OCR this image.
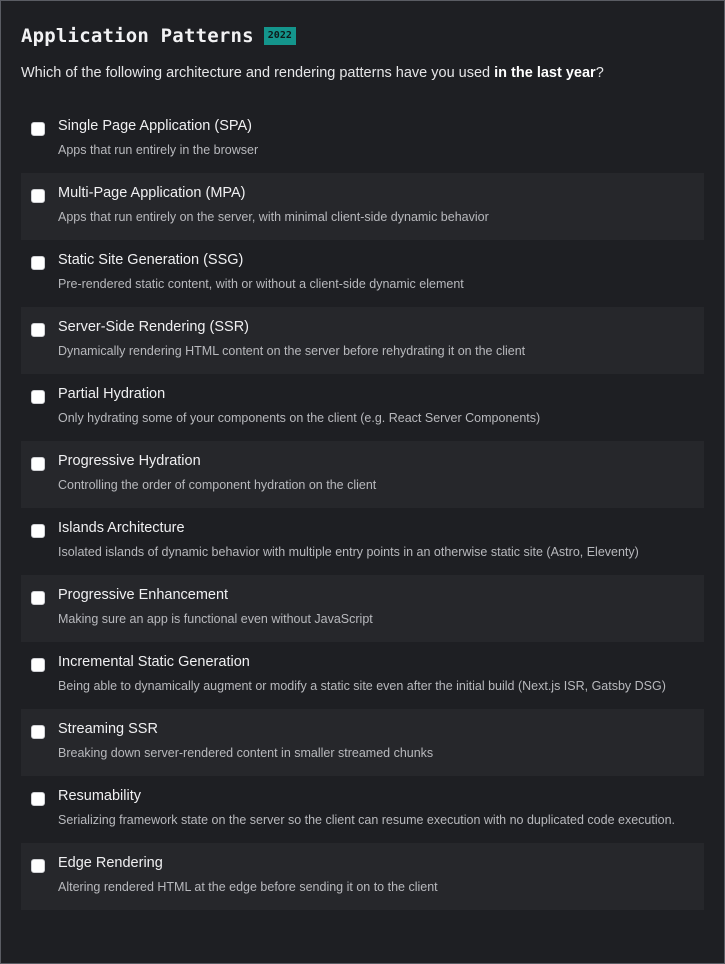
Application Patterns	2022
Which of the following architecture and rendering patterns have you used in the last year?
Single Page Application (SPA)
Apps that run entirely in the browser
Multi-Page Application (MPA)
Apps that run entirely on the server, with minimal client-side dynamic behavior
Static Site Generation (SSG)
Pre-rendered static content, with or without a client-side dynamic element
Server-Side Rendering (SSR)
Dynamically rendering HTML content on the server before rehydrating it on the client
Partial Hydration
Only hydrating some of your components on the client (e.g. React Server Components)
Progressive Hydration
Controlling the order of component hydration on the client
Islands Architecture
Isolated islands of dynamic behavior with multiple entry points in an otherwise static site (Astro, Eleventy)
Progressive Enhancement
Making sure an app is functional even without JavaScript
Incremental Static Generation
Being able to dynamically augment or modify a static site even after the initial build (Next.js ISR, Gatsby DSG)
Streaming SSR
Breaking down server-rendered content in smaller streamed chunks
Resumability
Serializing framework state on the server so the client can resume execution with no duplicated code execution.
Edge Rendering
Altering rendered HTML at the edge before sending it on to the client
